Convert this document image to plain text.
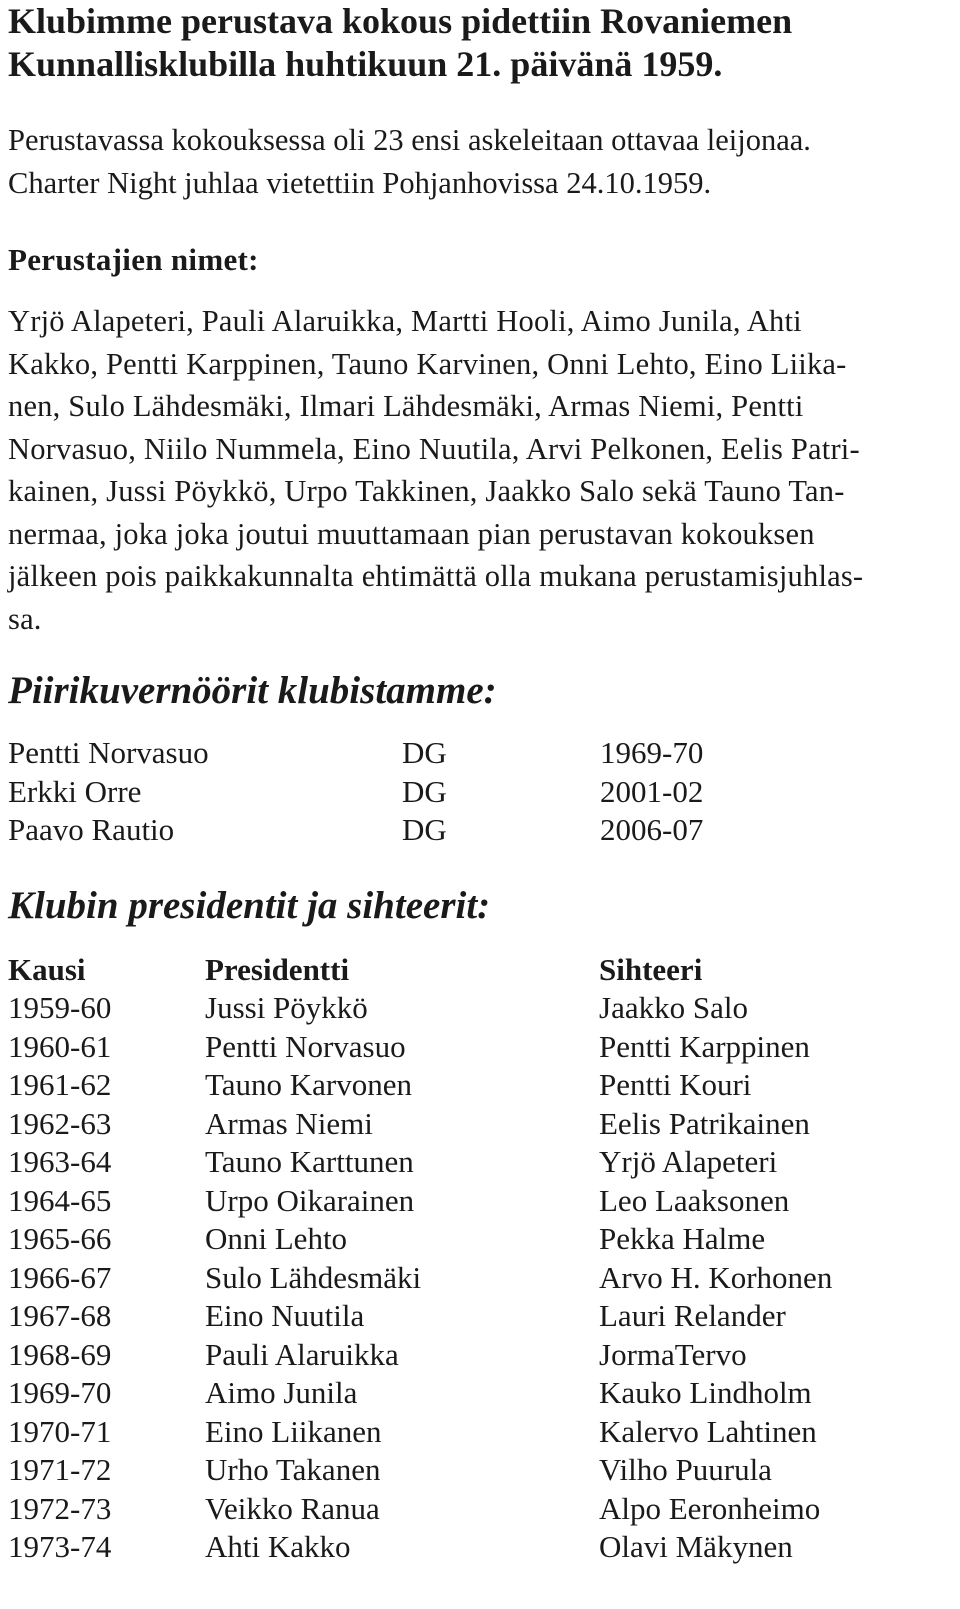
Klubimme perustava kokous pidettiin Rovaniemen
Kunnallisklubilla huhtikuun 21. päivänä 1959.
Perustavassa kokouksessa oli 23 ensi askeleitaan ottavaa leijonaa.
Charter Night juhlaa vietettiin Pohjanhovissa 24.10.1959.
Perustajien nimet:
Yrjö Alapeteri, Pauli Alaruikka, Martti Hooli, Aimo Junila, Ahti
Kakko, Pentti Karppinen, Tauno Karvinen, Onni Lehto, Eino Liika-
nen, Sulo Lähdesmäki, Ilmari Lähdesmäki, Armas Niemi, Pentti
Norvasuo, Niilo Nummela, Eino Nuutila, Arvi Pelkonen, Eelis Patri-
kainen, Jussi Pöykkö, Urpo Takkinen, Jaakko Salo sekä Tauno Tan-
nermaa, joka joka joutui muuttamaan pian perustavan kokouksen
jälkeen pois paikkakunnalta ehtimättä olla mukana perustamisjuhlas-
sa.
Piirikuvernöörit klubistamme:
Pentti Norvasuo	DG	1969-70
Erkki Orre	DG	2001-02
Paavo Rautio	DG	2006-07
Klubin presidentit ja sihteerit:
Kausi	Presidentti	Sihteeri
1959-60	Jussi Pöykkö	Jaakko Salo
1960-61	Pentti Norvasuo	Pentti Karppinen
1961-62	Tauno Karvonen	Pentti Kouri
1962-63	Armas Niemi	Eelis Patrikainen
1963-64	Tauno Karttunen	Yrjö Alapeteri
1964-65	Urpo Oikarainen	Leo Laaksonen
1965-66	Onni Lehto	Pekka Halme
1966-67	Sulo Lähdesmäki	Arvo H. Korhonen
1967-68	Eino Nuutila	Lauri Relander
1968-69	Pauli Alaruikka	JormaTervo
1969-70	Aimo Junila	Kauko Lindholm
1970-71	Eino Liikanen	Kalervo Lahtinen
1971-72	Urho Takanen	Vilho Puurula
1972-73	Veikko Ranua	Alpo Eeronheimo
1973-74	Ahti Kakko	Olavi Mäkynen
